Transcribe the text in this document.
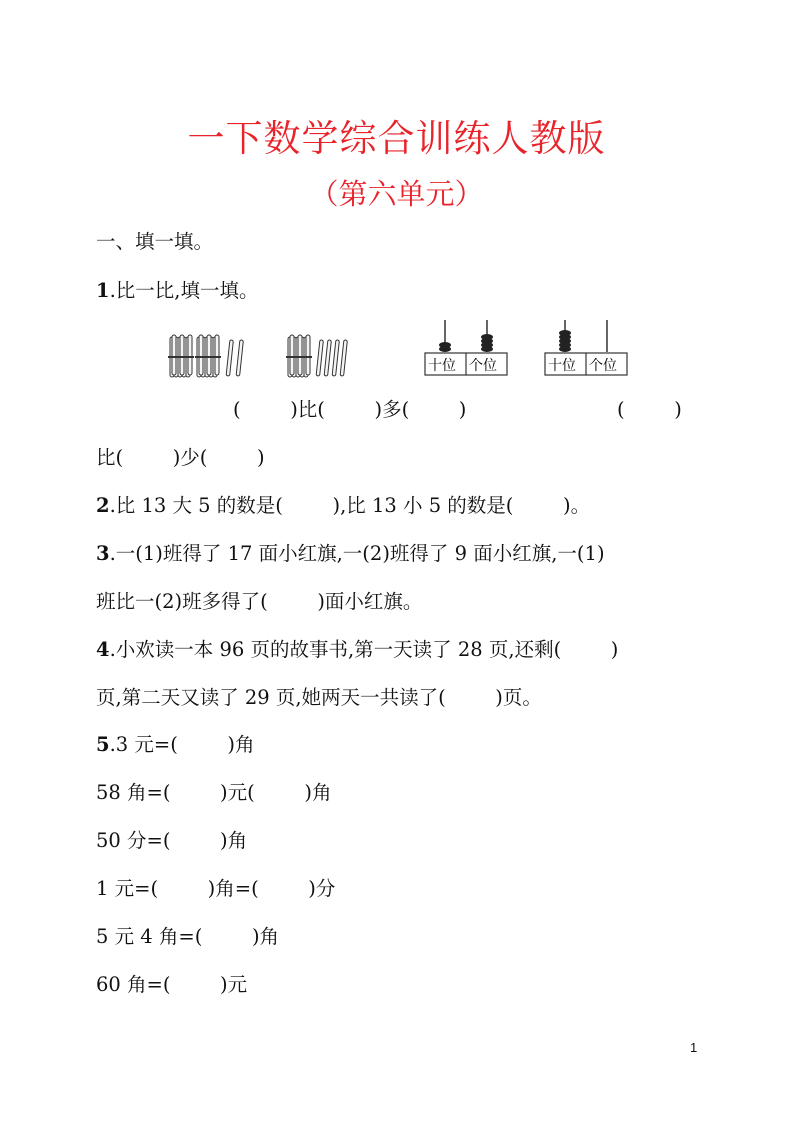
一下数学综合训练人教版
（第六单元）
一、填一填。
1.比一比,填一填。
十位 个位	十位 个位
(        )比(        )多(        )	(        )
比(        )少(        )
2.比 13 大 5 的数是(        ),比 13 小 5 的数是(        )。
3.一(1)班得了 17 面小红旗,一(2)班得了 9 面小红旗,一(1)
班比一(2)班多得了(        )面小红旗。
4.小欢读一本 96 页的故事书,第一天读了 28 页,还剩(        )
页,第二天又读了 29 页,她两天一共读了(        )页。
5.3 元=(        )角
58 角=(        )元(        )角
50 分=(        )角
1 元=(        )角=(        )分
5 元 4 角=(        )角
60 角=(        )元
1
